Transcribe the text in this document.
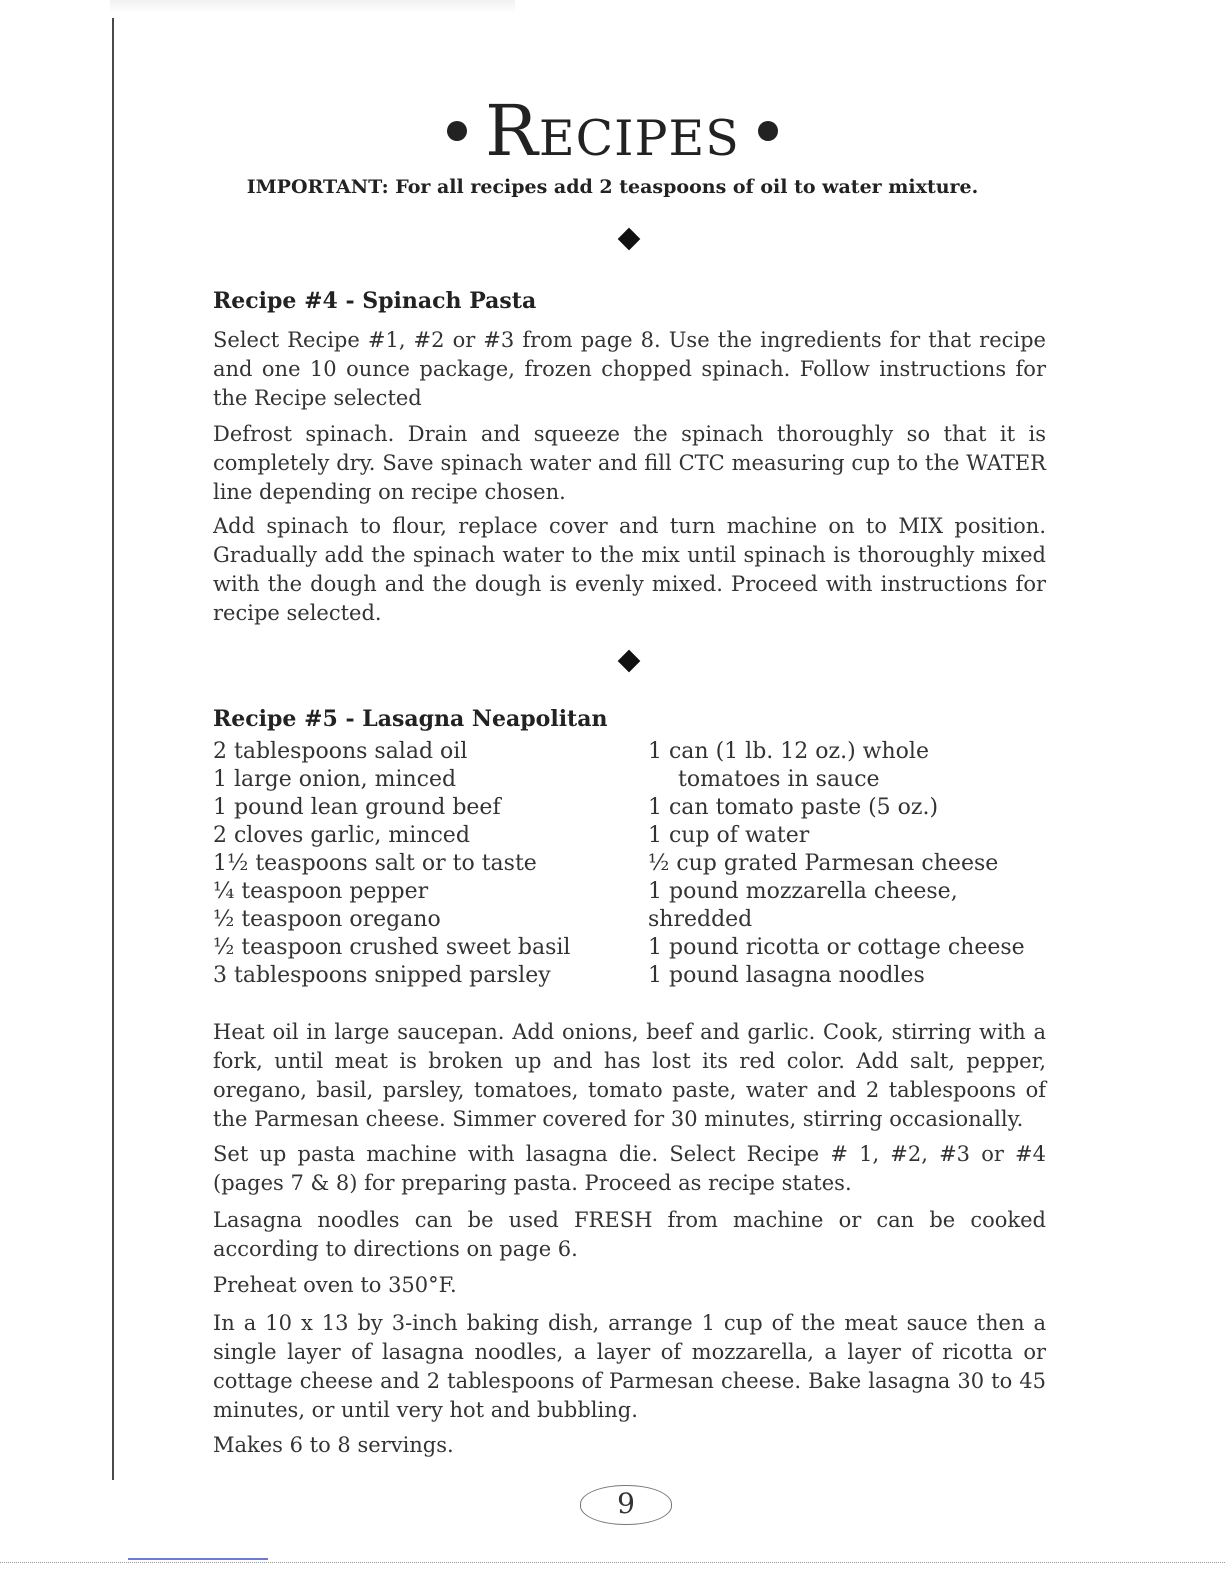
Recipes
IMPORTANT: For all recipes add 2 teaspoons of oil to water mixture.
Recipe #4 - Spinach Pasta

Select Recipe #1, #2 or #3 from page 8. Use the ingredients for that recipe and one 10 ounce package, frozen chopped spinach. Follow instructions for the Recipe selected

Defrost spinach. Drain and squeeze the spinach thoroughly so that it is completely dry. Save spinach water and fill CTC measuring cup to the WATER line depending on recipe chosen.

Add spinach to flour, replace cover and turn machine on to MIX position. Gradually add the spinach water to the mix until spinach is thoroughly mixed with the dough and the dough is evenly mixed. Proceed with instructions for recipe selected.

Recipe #5 - Lasagna Neapolitan
2 tablespoons salad oil
1 large onion, minced
1 pound lean ground beef
2 cloves garlic, minced
1½ teaspoons salt or to taste
¼ teaspoon pepper
½ teaspoon oregano
½ teaspoon crushed sweet basil
3 tablespoons snipped parsley
1 can (1 lb. 12 oz.) whole
tomatoes in sauce
1 can tomato paste (5 oz.)
1 cup of water
½ cup grated Parmesan cheese
1 pound mozzarella cheese,
shredded
1 pound ricotta or cottage cheese
1 pound lasagna noodles

Heat oil in large saucepan. Add onions, beef and garlic. Cook, stirring with a fork, until meat is broken up and has lost its red color. Add salt, pepper, oregano, basil, parsley, tomatoes, tomato paste, water and 2 tablespoons of the Parmesan cheese. Simmer covered for 30 minutes, stirring occasionally.

Set up pasta machine with lasagna die. Select Recipe # 1, #2, #3 or #4 (pages 7 & 8) for preparing pasta. Proceed as recipe states.

Lasagna noodles can be used FRESH from machine or can be cooked according to directions on page 6.

Preheat oven to 350°F.

In a 10 x 13 by 3-inch baking dish, arrange 1 cup of the meat sauce then a single layer of lasagna noodles, a layer of mozzarella, a layer of ricotta or cottage cheese and 2 tablespoons of Parmesan cheese. Bake lasagna 30 to 45 minutes, or until very hot and bubbling.

Makes 6 to 8 servings.

9
